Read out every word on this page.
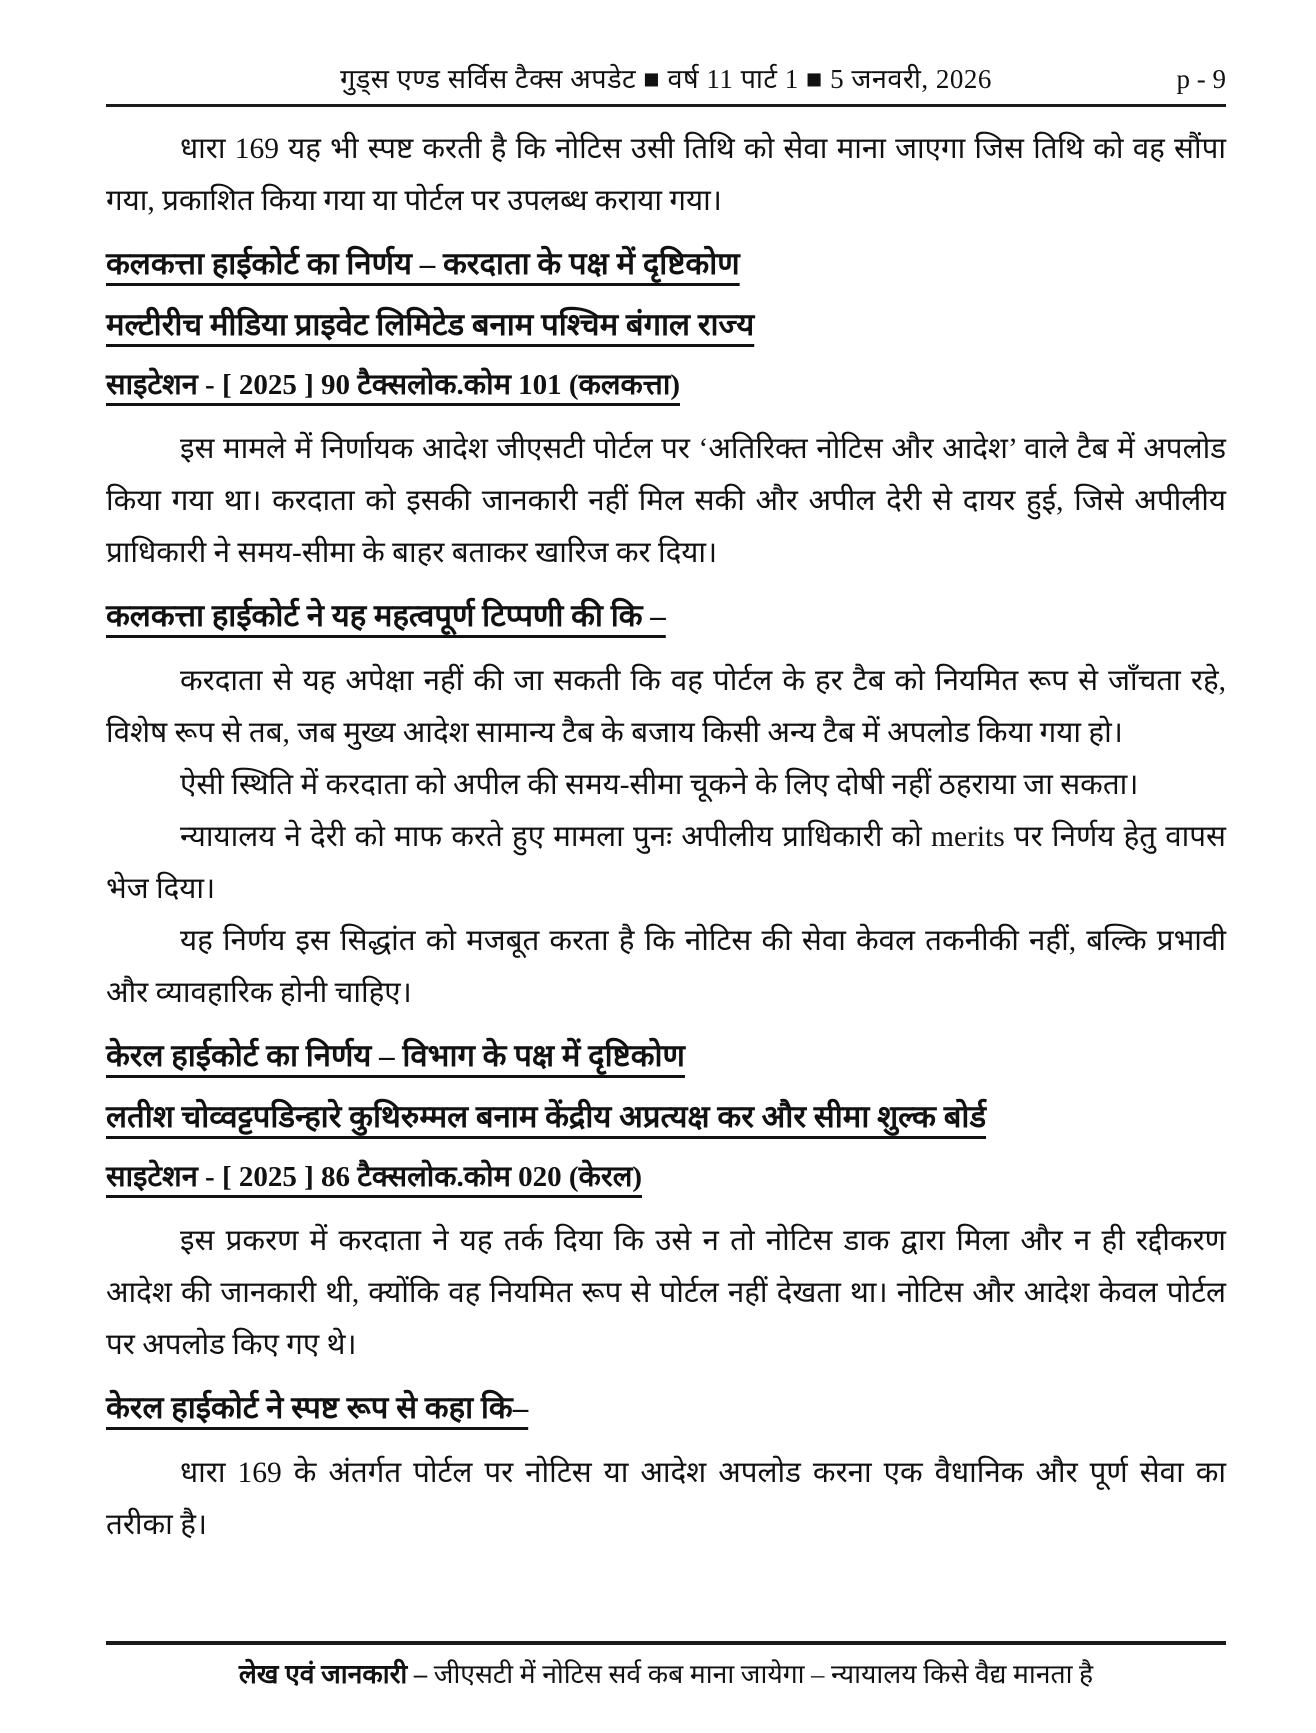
गुड्स एण्ड सर्विस टैक्स अपडेट ■ वर्ष 11 पार्ट 1 ■ 5 जनवरी, 2026	p - 9

धारा 169 यह भी स्पष्ट करती है कि नोटिस उसी तिथि को सेवा माना जाएगा जिस तिथि को वह सौंपा गया, प्रकाशित किया गया या पोर्टल पर उपलब्ध कराया गया।

कलकत्ता हाईकोर्ट का निर्णय – करदाता के पक्ष में दृष्टिकोण
मल्टीरीच मीडिया प्राइवेट लिमिटेड बनाम पश्चिम बंगाल राज्य
साइटेशन - [ 2025 ] 90 टैक्सलोक.कोम 101 (कलकत्ता)

इस मामले में निर्णायक आदेश जीएसटी पोर्टल पर ‘अतिरिक्त नोटिस और आदेश’ वाले टैब में अपलोड किया गया था। करदाता को इसकी जानकारी नहीं मिल सकी और अपील देरी से दायर हुई, जिसे अपीलीय प्राधिकारी ने समय-सीमा के बाहर बताकर खारिज कर दिया।

कलकत्ता हाईकोर्ट ने यह महत्वपूर्ण टिप्पणी की कि –

करदाता से यह अपेक्षा नहीं की जा सकती कि वह पोर्टल के हर टैब को नियमित रूप से जाँचता रहे, विशेष रूप से तब, जब मुख्य आदेश सामान्य टैब के बजाय किसी अन्य टैब में अपलोड किया गया हो।

ऐसी स्थिति में करदाता को अपील की समय-सीमा चूकने के लिए दोषी नहीं ठहराया जा सकता।

न्यायालय ने देरी को माफ करते हुए मामला पुनः अपीलीय प्राधिकारी को merits पर निर्णय हेतु वापस भेज दिया।

यह निर्णय इस सिद्धांत को मजबूत करता है कि नोटिस की सेवा केवल तकनीकी नहीं, बल्कि प्रभावी और व्यावहारिक होनी चाहिए।

केरल हाईकोर्ट का निर्णय – विभाग के पक्ष में दृष्टिकोण
लतीश चोव्वट्टपडिन्हारे कुथिरुम्मल बनाम केंद्रीय अप्रत्यक्ष कर और सीमा शुल्क बोर्ड
साइटेशन - [ 2025 ] 86 टैक्सलोक.कोम 020 (केरल)

इस प्रकरण में करदाता ने यह तर्क दिया कि उसे न तो नोटिस डाक द्वारा मिला और न ही रद्दीकरण आदेश की जानकारी थी, क्योंकि वह नियमित रूप से पोर्टल नहीं देखता था। नोटिस और आदेश केवल पोर्टल पर अपलोड किए गए थे।

केरल हाईकोर्ट ने स्पष्ट रूप से कहा कि–

धारा 169 के अंतर्गत पोर्टल पर नोटिस या आदेश अपलोड करना एक वैधानिक और पूर्ण सेवा का तरीका है।

लेख एवं जानकारी – जीएसटी में नोटिस सर्व कब माना जायेगा – न्यायालय किसे वैद्य मानता है
